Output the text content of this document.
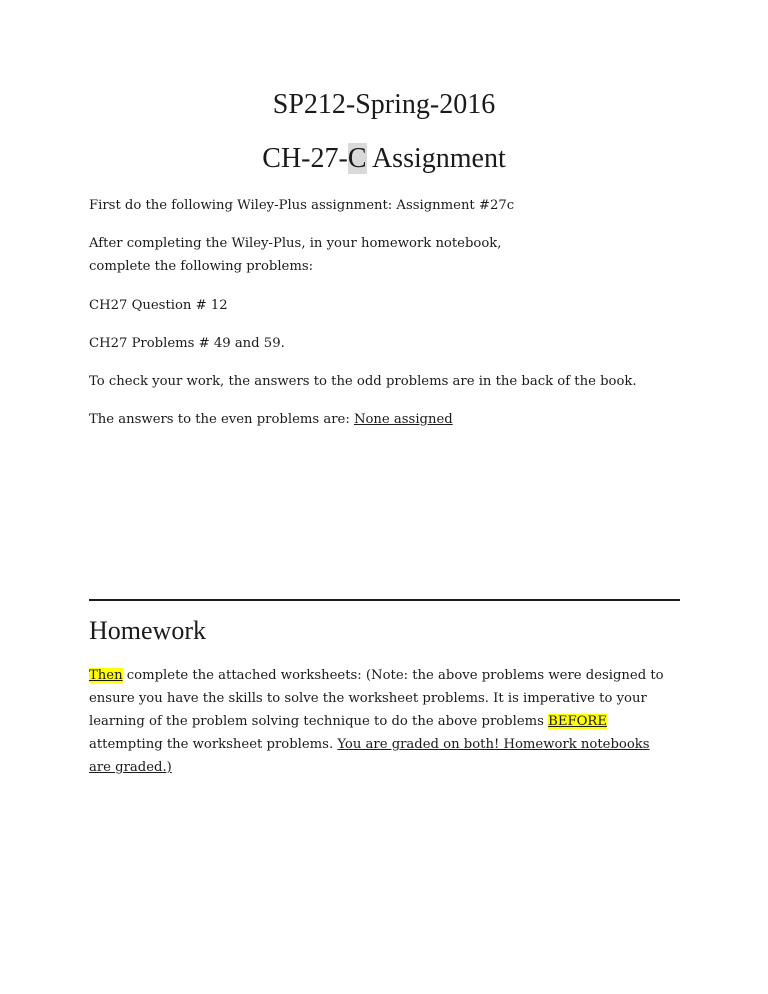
SP212-Spring-2016
CH-27-C Assignment
First do the following Wiley-Plus assignment: Assignment #27c
After completing the Wiley-Plus, in your homework notebook, complete the following problems:
CH27 Question # 12
CH27 Problems # 49 and 59.
To check your work, the answers to the odd problems are in the back of the book.
The answers to the even problems are: None assigned
Homework
Then complete the attached worksheets: (Note: the above problems were designed to ensure you have the skills to solve the worksheet problems. It is imperative to your learning of the problem solving technique to do the above problems BEFORE attempting the worksheet problems. You are graded on both! Homework notebooks are graded.)
